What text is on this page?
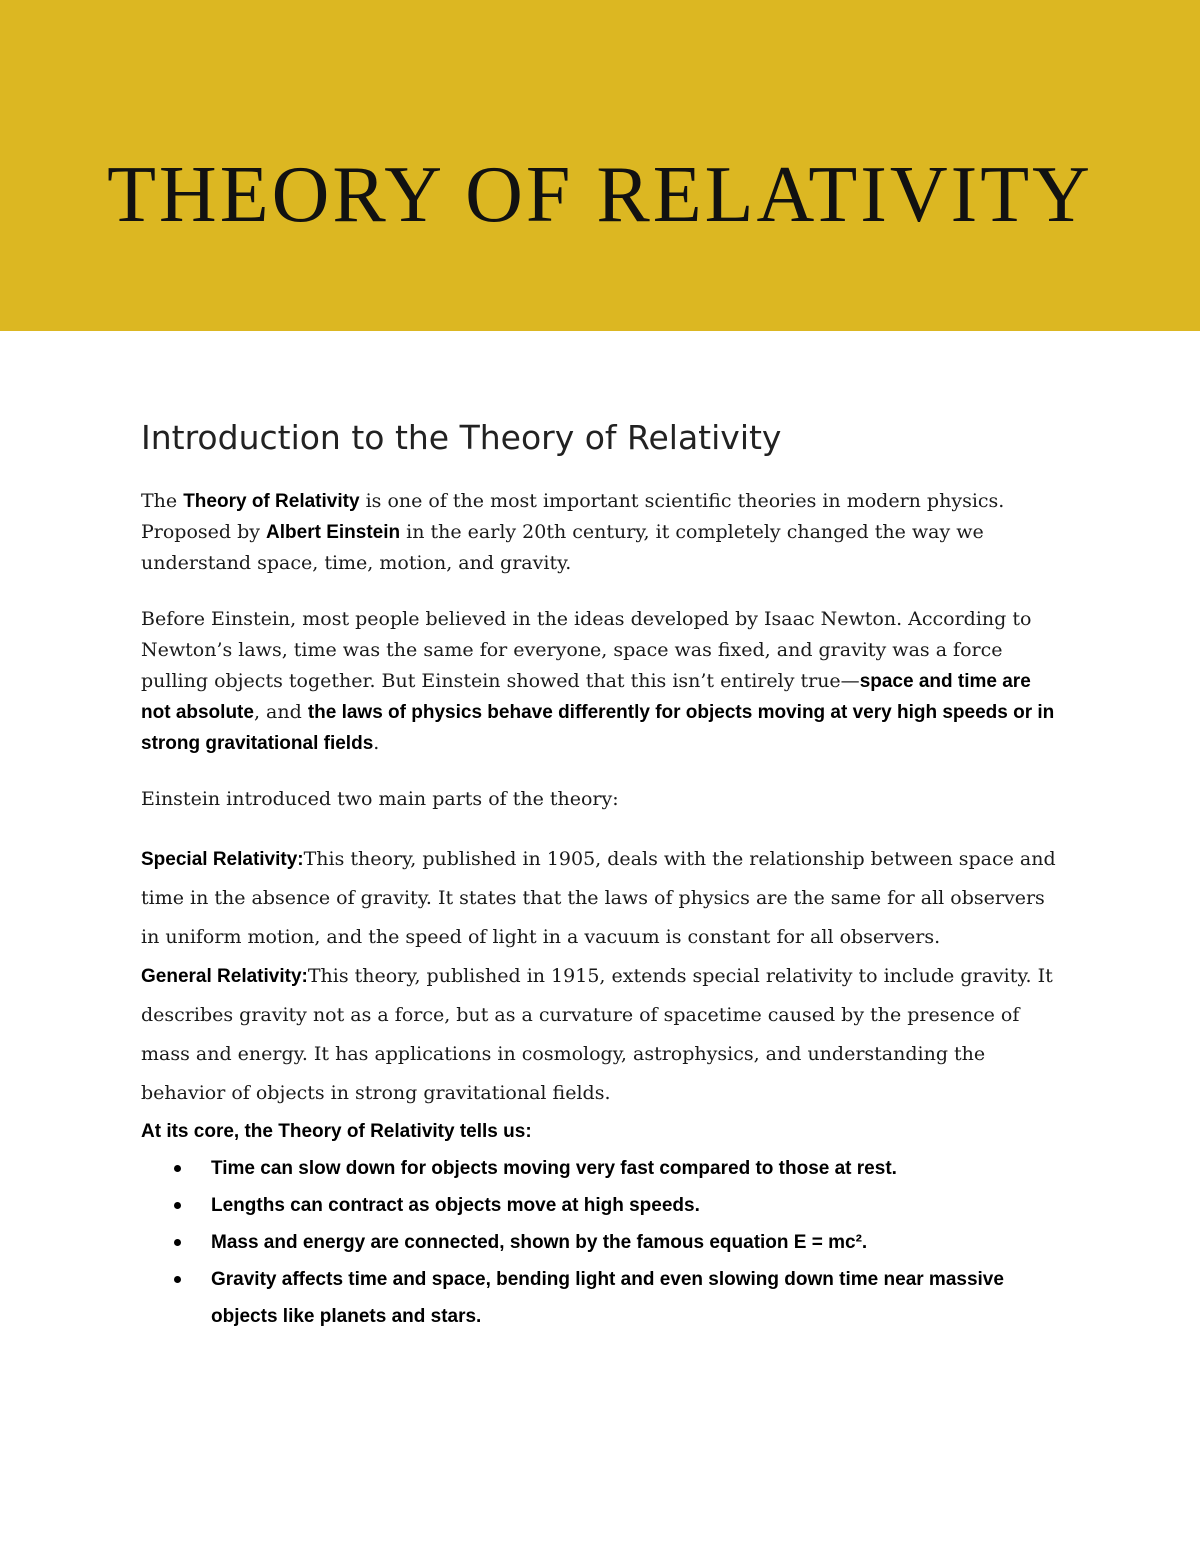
THEORY OF RELATIVITY
Introduction to the Theory of Relativity

The Theory of Relativity is one of the most important scientific theories in modern physics. Proposed by Albert Einstein in the early 20th century, it completely changed the way we understand space, time, motion, and gravity.

Before Einstein, most people believed in the ideas developed by Isaac Newton. According to Newton’s laws, time was the same for everyone, space was fixed, and gravity was a force pulling objects together. But Einstein showed that this isn’t entirely true—space and time are not absolute, and the laws of physics behave differently for objects moving at very high speeds or in strong gravitational fields.

Einstein introduced two main parts of the theory:

Special Relativity:This theory, published in 1905, deals with the relationship between space and time in the absence of gravity. It states that the laws of physics are the same for all observers in uniform motion, and the speed of light in a vacuum is constant for all observers.

General Relativity:This theory, published in 1915, extends special relativity to include gravity. It describes gravity not as a force, but as a curvature of spacetime caused by the presence of mass and energy. It has applications in cosmology, astrophysics, and understanding the behavior of objects in strong gravitational fields.

At its core, the Theory of Relativity tells us:

Time can slow down for objects moving very fast compared to those at rest.
Lengths can contract as objects move at high speeds.
Mass and energy are connected, shown by the famous equation E = mc².
Gravity affects time and space, bending light and even slowing down time near massive objects like planets and stars.
